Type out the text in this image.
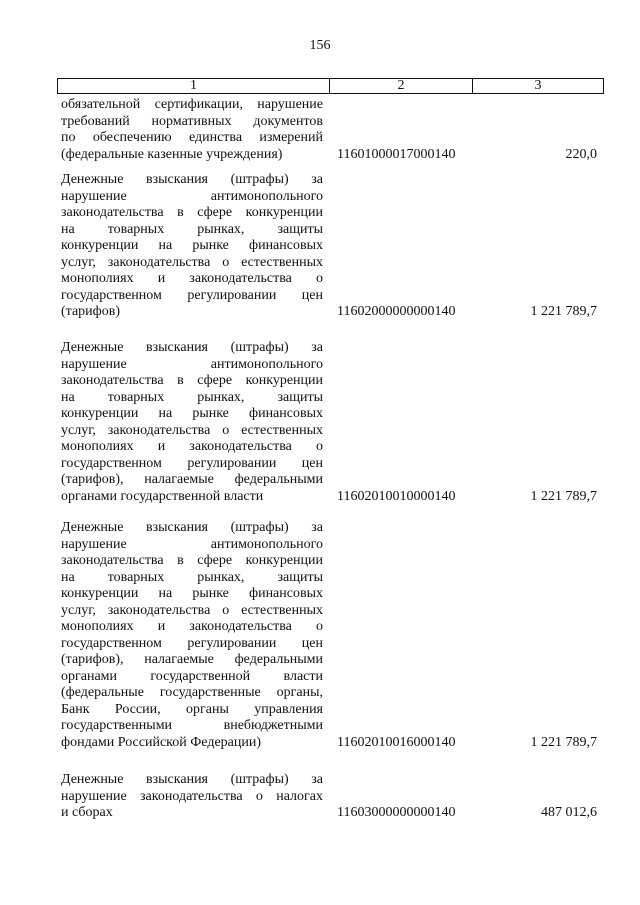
156
1	2	3
обязательной сертификации, нарушение
требований нормативных документов
по обеспечению единства измерений
(федеральные казенные учреждения)	11601000017000140	220,0
Денежные взыскания (штрафы) за
нарушение антимонопольного
законодательства в сфере конкуренции
на товарных рынках, защиты
конкуренции на рынке финансовых
услуг, законодательства о естественных
монополиях и законодательства о
государственном регулировании цен
(тарифов)	11602000000000140	1 221 789,7
Денежные взыскания (штрафы) за
нарушение антимонопольного
законодательства в сфере конкуренции
на товарных рынках, защиты
конкуренции на рынке финансовых
услуг, законодательства о естественных
монополиях и законодательства о
государственном регулировании цен
(тарифов), налагаемые федеральными
органами государственной власти	11602010010000140	1 221 789,7
Денежные взыскания (штрафы) за
нарушение антимонопольного
законодательства в сфере конкуренции
на товарных рынках, защиты
конкуренции на рынке финансовых
услуг, законодательства о естественных
монополиях и законодательства о
государственном регулировании цен
(тарифов), налагаемые федеральными
органами государственной власти
(федеральные государственные органы,
Банк России, органы управления
государственными внебюджетными
фондами Российской Федерации)	11602010016000140	1 221 789,7
Денежные взыскания (штрафы) за
нарушение законодательства о налогах
и сборах	11603000000000140	487 012,6
